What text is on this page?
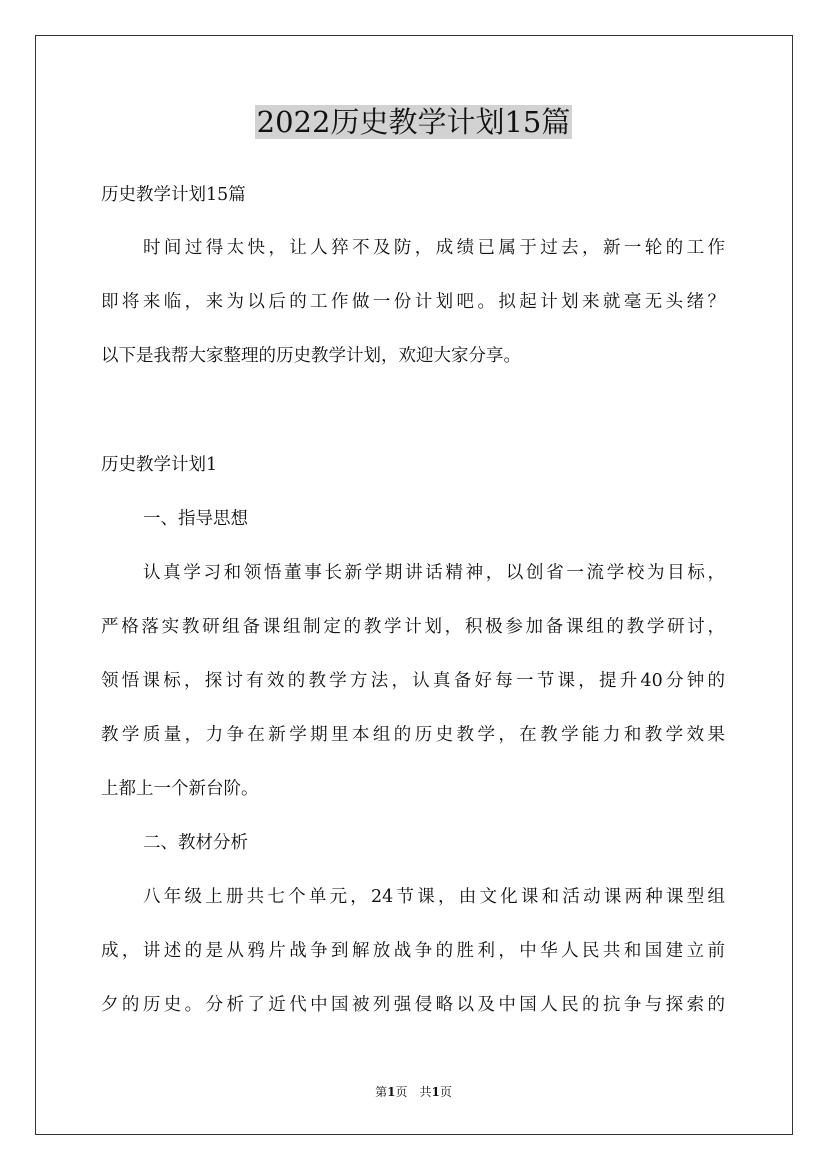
2022历史教学计划15篇
历史教学计划15篇
时间过得太快，让人猝不及防，成绩已属于过去，新一轮的工作
即将来临，来为以后的工作做一份计划吧。拟起计划来就毫无头绪？
以下是我帮大家整理的历史教学计划，欢迎大家分享。
历史教学计划1
一、指导思想
认真学习和领悟董事长新学期讲话精神，以创省一流学校为目标，
严格落实教研组备课组制定的教学计划，积极参加备课组的教学研讨，
领悟课标，探讨有效的教学方法，认真备好每一节课，提升40分钟的
教学质量，力争在新学期里本组的历史教学，在教学能力和教学效果
上都上一个新台阶。
二、教材分析
八年级上册共七个单元，24节课，由文化课和活动课两种课型组
成，讲述的是从鸦片战争到解放战争的胜利，中华人民共和国建立前
夕的历史。分析了近代中国被列强侵略以及中国人民的抗争与探索的
第1页　共1页
